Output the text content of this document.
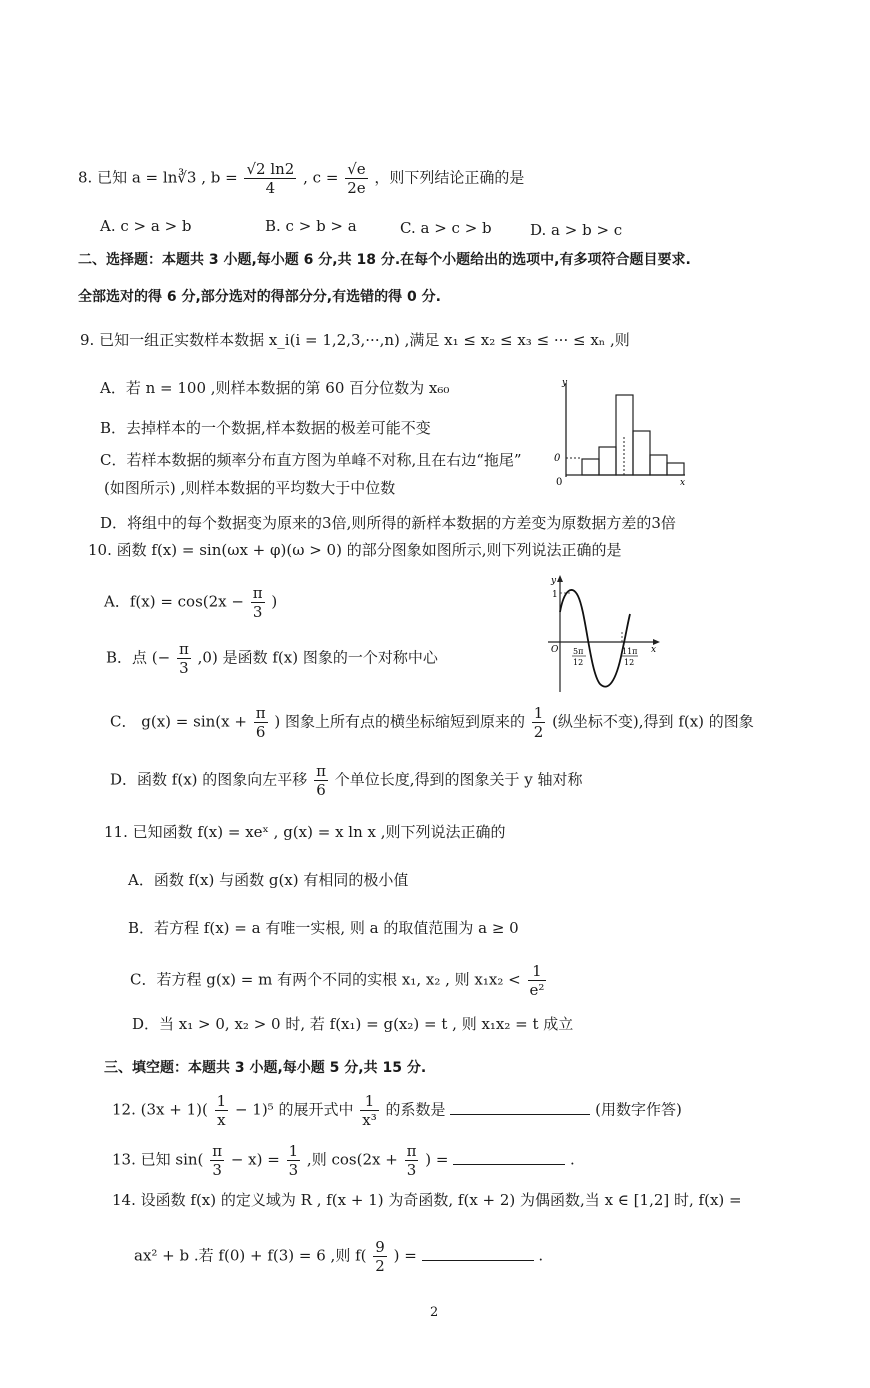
8. 已知 a = ln∛3 , $b = \frac{√2 \ln 2}{4}$ , $c = \frac{√e}{2e}$ ，则下列结论正确的是
A. c > a > b	B. c > b > a	C. a > c > b	D. a > b > c
二、选择题：本题共 3 小题,每小题 6 分,共 18 分.在每个小题给出的选项中,有多项符合题目要求.
全部选对的得 6 分,部分选对的得部分分,有选错的得 0 分.
9. 已知一组正实数样本数据 x_i(i = 1,2,3,···,n) ,满足 x₁ ≤ x₂ ≤ x₃ ≤ ··· ≤ xₙ ,则
A．若 n = 100 ,则样本数据的第 60 百分位数为 x₆₀
B．去掉样本的一个数据,样本数据的极差可能不变
C．若样本数据的频率分布直方图为单峰不对称,且在右边“拖尾”
(如图所示) ,则样本数据的平均数大于中位数
D．将组中的每个数据变为原来的3倍,则所得的新样本数据的方差变为原数据方差的3倍
y
x
0
0
10. 函数 f(x) = sin(ωx + φ)(ω > 0) 的部分图象如图所示,则下列说法正确的是
A．$f(x) = \cos(2x - \frac{\pi}{3}$ )
B．点 (− $\frac{\pi}{3} ,0$) 是函数 f(x) 图象的一个对称中心
C． $g(x) = \sin(x + \frac{\pi}{6}$ ) 图象上所有点的横坐标缩短到原来的 $\frac{1}{2}$ (纵坐标不变),得到 f(x) 的图象
D．函数 f(x) 的图象向左平移 $\frac{\pi}{6}$ 个单位长度,得到的图象关于 y 轴对称
y
x
O
1
5π
12
11π
12
11. 已知函数 f(x) = xeˣ , g(x) = x ln x ,则下列说法正确的
A．函数 f(x) 与函数 g(x) 有相同的极小值
B．若方程 f(x) = a 有唯一实根, 则 a 的取值范围为 a ≥ 0
C．若方程 g(x) = m 有两个不同的实根 x₁, x₂ , 则 $x_1x_2 < \frac{1}{\text{e²}}$
D．当 x₁ > 0, x₂ > 0 时, 若 f(x₁) = g(x₂) = t , 则 x₁x₂ = t 成立
三、填空题：本题共 3 小题,每小题 5 分,共 15 分.
12. $(3x + 1)( \frac{1}{x} - 1)^5$ 的展开式中 $\frac{1}{\text{x³}}$ 的系数是	(用数字作答)
13. 已知 $\sin( \frac{\pi}{3} - x) = \frac{1}{3}$ ,则 $\cos(2x + \frac{\pi}{3}$ ) =	.
14. 设函数 f(x) 的定义域为 R , f(x + 1) 为奇函数, f(x + 2) 为偶函数,当 x ∈ [1,2] 时, f(x) =
ax² + b .若 f(0) + f(3) = 6 ,则 $f( \frac{9}{2}$ ) =	.
2
